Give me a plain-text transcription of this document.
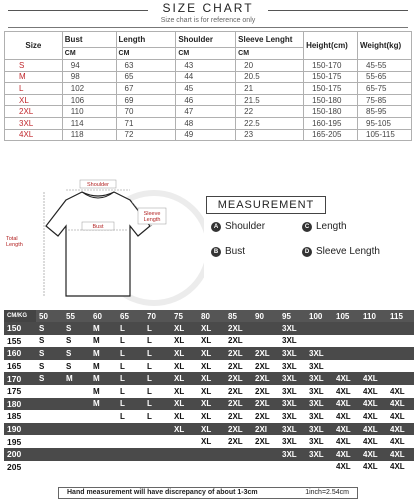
SIZE CHART
Size chart is for reference only
Size	Bust	Length	Shoulder	Sleeve Lenght	Height(cm)	Weight(kg)
	CM	CM	CM	CM		
S	94	63	43	20	150-170	45-55
M	98	65	44	20.5	150-175	55-65
L	102	67	45	21	150-175	65-75
XL	106	69	46	21.5	150-180	75-85
2XL	110	70	47	22	150-180	85-95
3XL	114	71	48	22.5	160-195	95-105
4XL	118	72	49	23	165-205	105-115
Shoulder
Bust
Sleeve Length
Total Length
MEASUREMENT
A Shoulder	C Length
B Bust	D Sleeve Length
CM/KG	50	55	60	65	70	75	80	85	90	95	100	105	110	115
150	S	S	M	L	L	XL	XL	2XL		3XL				
155	S	S	M	L	L	XL	XL	2XL		3XL				
160	S	S	M	L	L	XL	XL	2XL	2XL	3XL	3XL			
165	S	S	M	L	L	XL	XL	2XL	2XL	3XL	3XL			
170	S	M	M	L	L	XL	XL	2XL	2XL	3XL	3XL	4XL	4XL	
175			M	L	L	XL	XL	2XL	2XL	3XL	3XL	4XL	4XL	4XL
180			M	L	L	XL	XL	2XL	2XL	3XL	3XL	4XL	4XL	4XL
185				L	L	XL	XL	2XL	2XL	3XL	3XL	4XL	4XL	4XL
190						XL	XL	2XL	2XI	3XL	3XL	4XL	4XL	4XL
195							XL	2XL	2XL	3XL	3XL	4XL	4XL	4XL
200										3XL	3XL	4XL	4XL	4XL
205												4XL	4XL	4XL
Hand measurement will have discrepancy of about 1-3cm	1inch=2.54cm
